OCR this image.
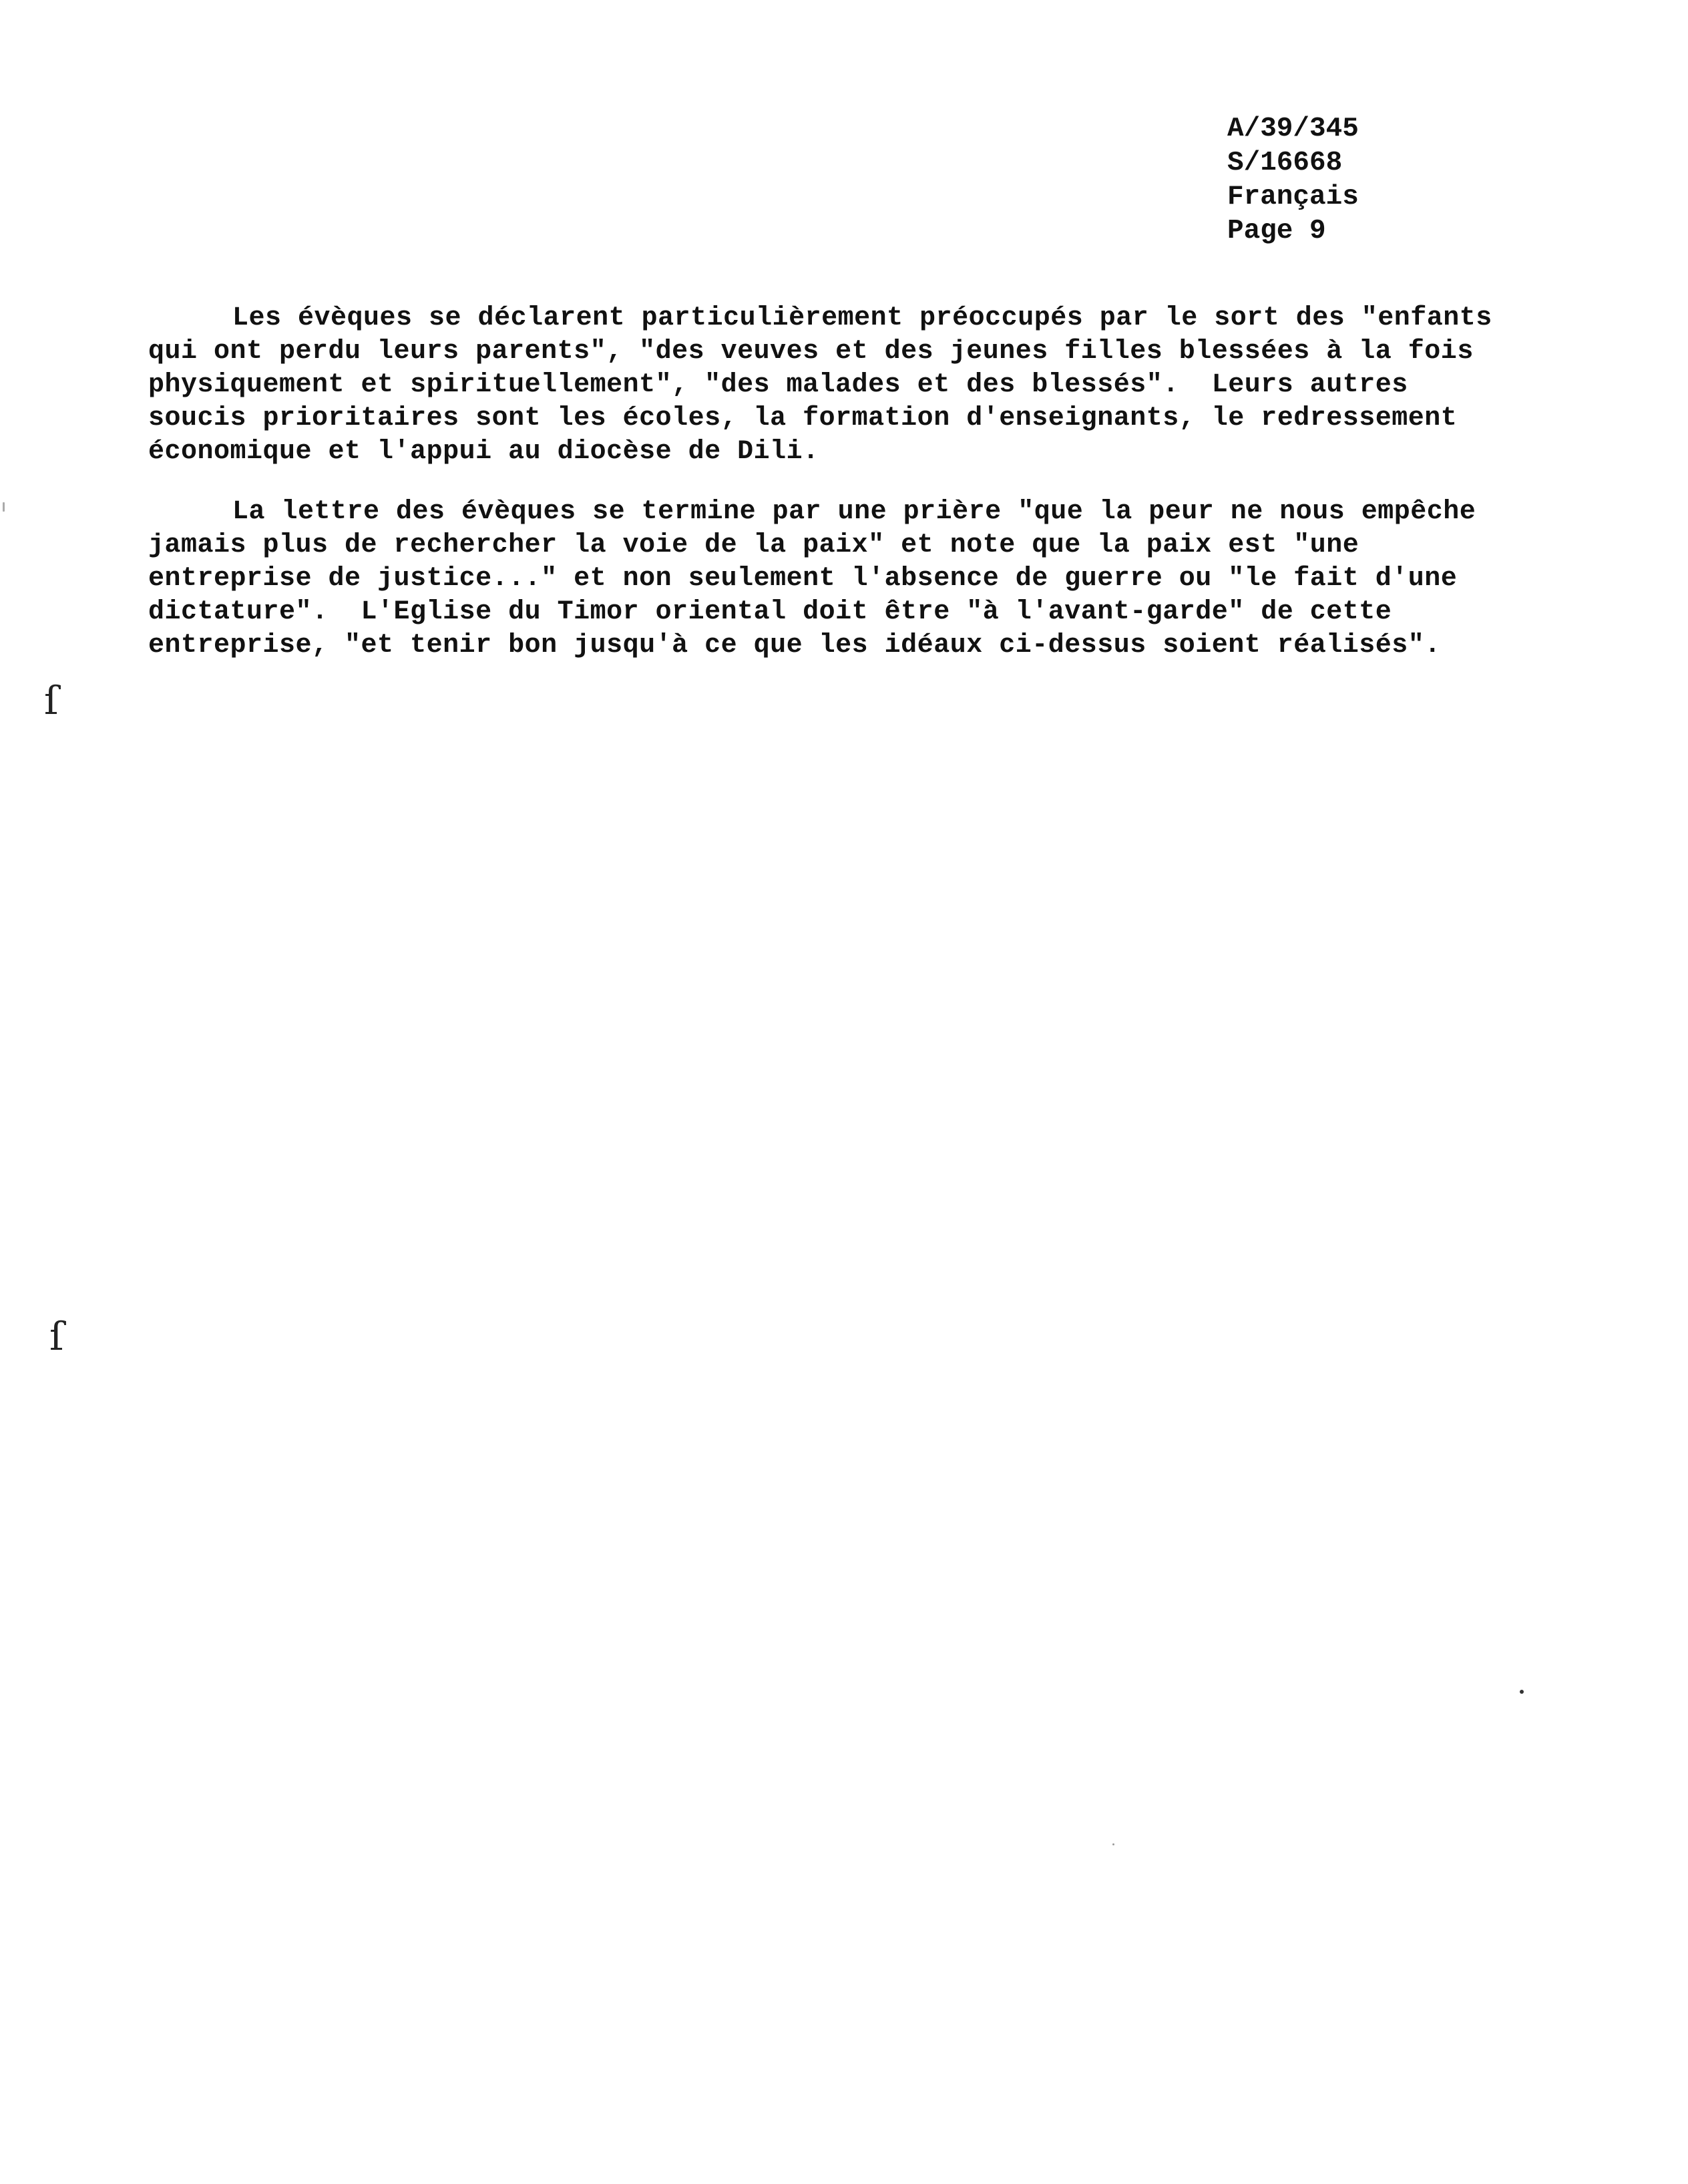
A/39/345
S/16668
Français
Page 9
Les évèques se déclarent particulièrement préoccupés par le sort des "enfants
qui ont perdu leurs parents", "des veuves et des jeunes filles blessées à la fois
physiquement et spirituellement", "des malades et des blessés".  Leurs autres
soucis prioritaires sont les écoles, la formation d'enseignants, le redressement
économique et l'appui au diocèse de Dili.
La lettre des évèques se termine par une prière "que la peur ne nous empêche
jamais plus de rechercher la voie de la paix" et note que la paix est "une
entreprise de justice..." et non seulement l'absence de guerre ou "le fait d'une
dictature".  L'Eglise du Timor oriental doit être "à l'avant-garde" de cette
entreprise, "et tenir bon jusqu'à ce que les idéaux ci-dessus soient réalisés".
ſ
ſ
